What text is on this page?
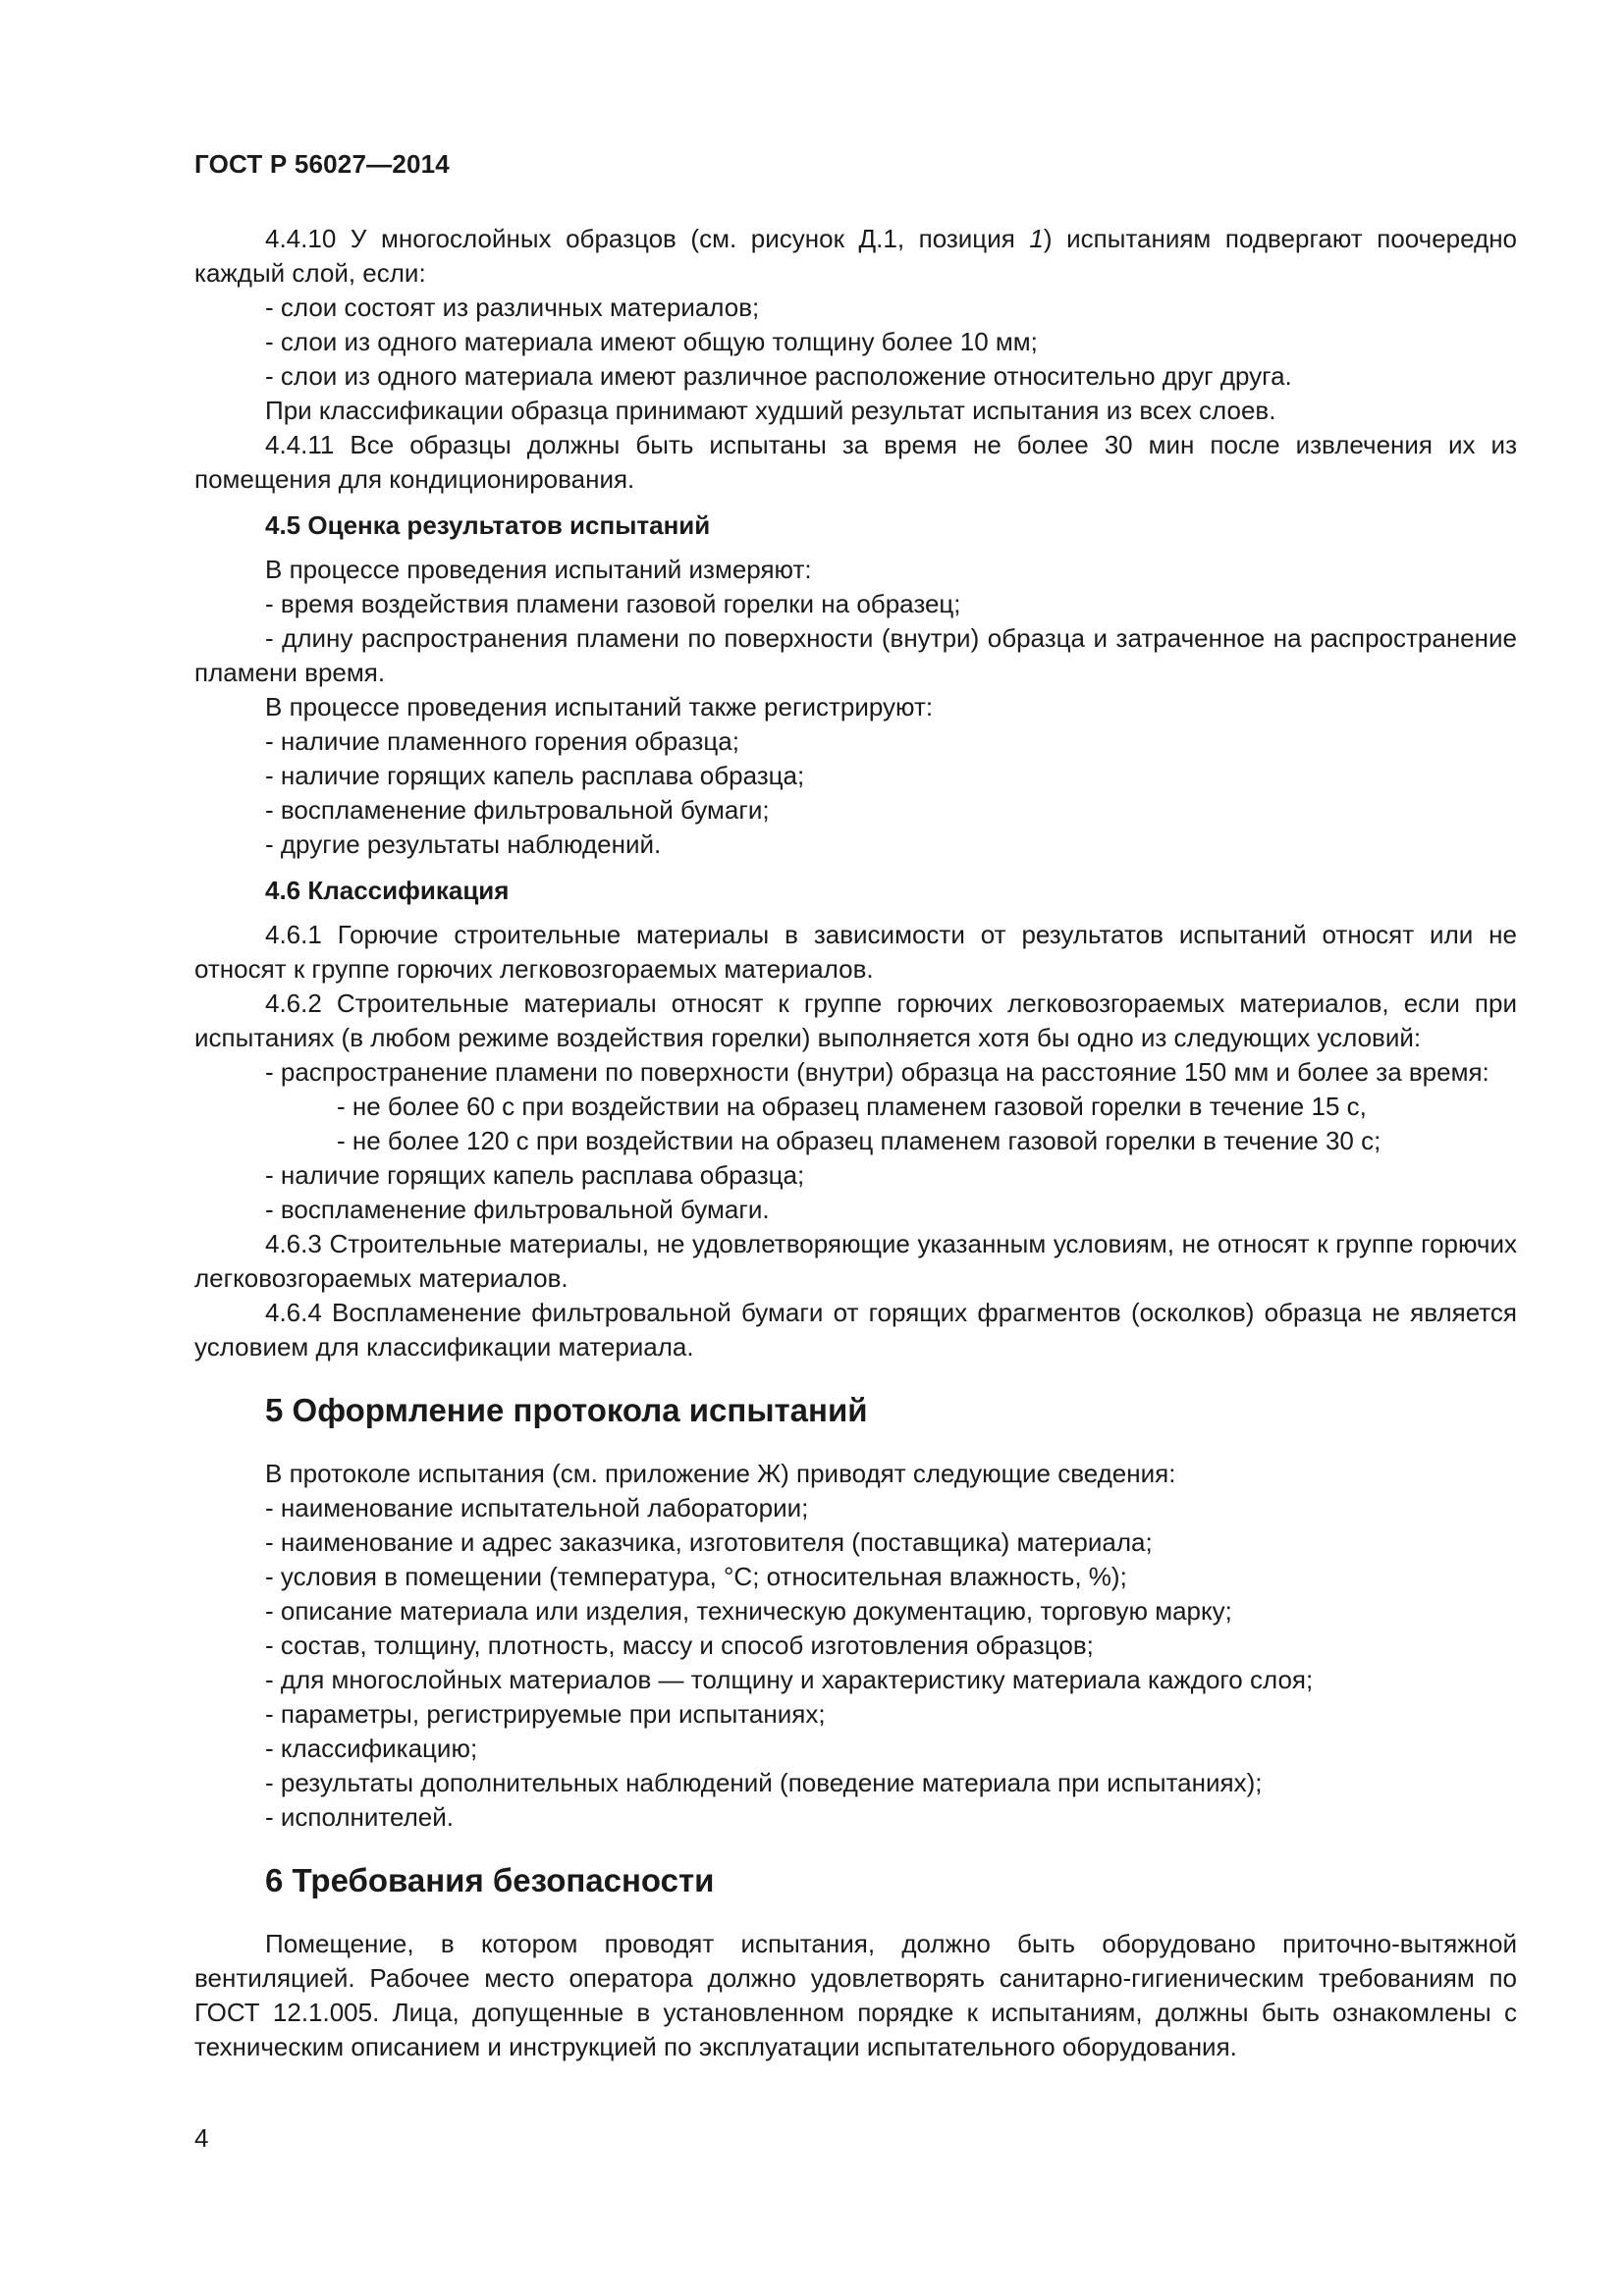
ГОСТ Р 56027—2014

4.4.10 У многослойных образцов (см. рисунок Д.1, позиция 1) испытаниям подвергают поочередно каждый слой, если:

- слои состоят из различных материалов;

- слои из одного материала имеют общую толщину более 10 мм;

- слои из одного материала имеют различное расположение относительно друг друга.

При классификации образца принимают худший результат испытания из всех слоев.

4.4.11 Все образцы должны быть испытаны за время не более 30 мин после извлечения их из помещения для кондиционирования.

4.5 Оценка результатов испытаний

В процессе проведения испытаний измеряют:

- время воздействия пламени газовой горелки на образец;

- длину распространения пламени по поверхности (внутри) образца и затраченное на распространение пламени время.

В процессе проведения испытаний также регистрируют:

- наличие пламенного горения образца;

- наличие горящих капель расплава образца;

- воспламенение фильтровальной бумаги;

- другие результаты наблюдений.

4.6 Классификация

4.6.1 Горючие строительные материалы в зависимости от результатов испытаний относят или не относят к группе горючих легковозгораемых материалов.

4.6.2 Строительные материалы относят к группе горючих легковозгораемых материалов, если при испытаниях (в любом режиме воздействия горелки) выполняется хотя бы одно из следующих условий:

- распространение пламени по поверхности (внутри) образца на расстояние 150 мм и более за время:

- не более 60 с при воздействии на образец пламенем газовой горелки в течение 15 с,

- не более 120 с при воздействии на образец пламенем газовой горелки в течение 30 с;

- наличие горящих капель расплава образца;

- воспламенение фильтровальной бумаги.

4.6.3 Строительные материалы, не удовлетворяющие указанным условиям, не относят к группе горючих легковозгораемых материалов.

4.6.4 Воспламенение фильтровальной бумаги от горящих фрагментов (осколков) образца не является условием для классификации материала.

5 Оформление протокола испытаний

В протоколе испытания (см. приложение Ж) приводят следующие сведения:

- наименование испытательной лаборатории;

- наименование и адрес заказчика, изготовителя (поставщика) материала;

- условия в помещении (температура, °С; относительная влажность, %);

- описание материала или изделия, техническую документацию, торговую марку;

- состав, толщину, плотность, массу и способ изготовления образцов;

- для многослойных материалов — толщину и характеристику материала каждого слоя;

- параметры, регистрируемые при испытаниях;

- классификацию;

- результаты дополнительных наблюдений (поведение материала при испытаниях);

- исполнителей.

6 Требования безопасности

Помещение, в котором проводят испытания, должно быть оборудовано приточно-вытяжной вентиляцией. Рабочее место оператора должно удовлетворять санитарно-гигиеническим требованиям по ГОСТ 12.1.005. Лица, допущенные в установленном порядке к испытаниям, должны быть ознакомлены с техническим описанием и инструкцией по эксплуатации испытательного оборудования.

4
